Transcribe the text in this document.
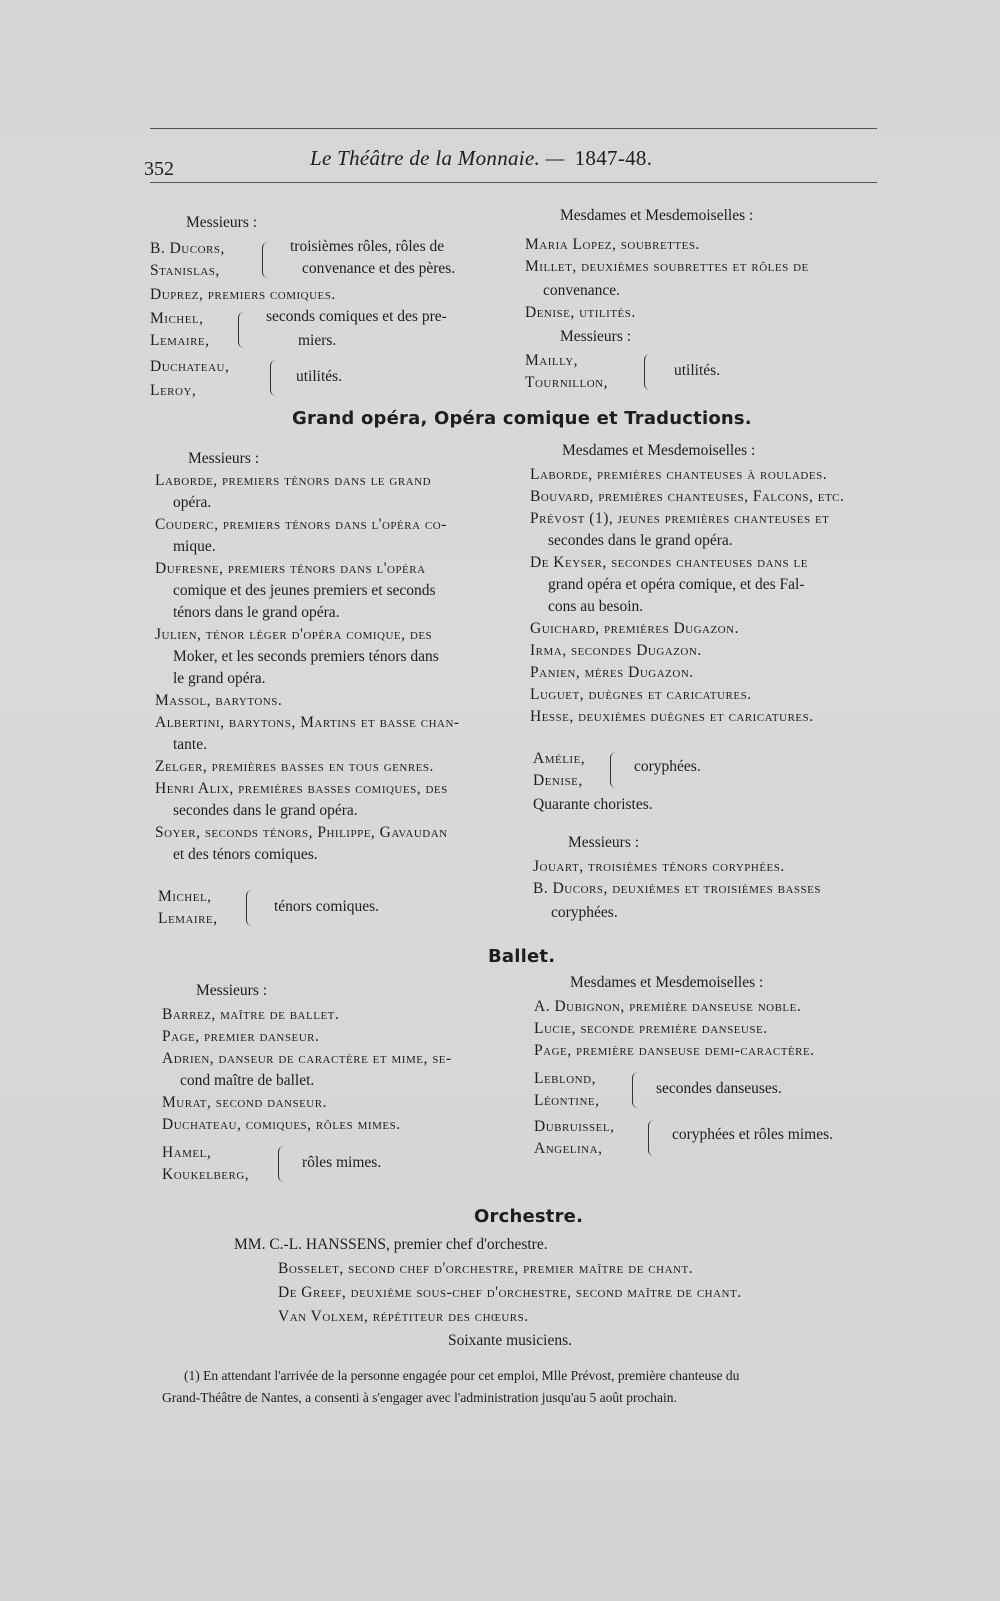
352	Le Théâtre de la Monnaie. — 1847-48.
Messieurs :	Mesdames et Mesdemoiselles :
B. Ducors,
Stanislas,
troisièmes rôles, rôles de
convenance et des pères.
Duprez, premiers comiques.
Michel,
Lemaire,
seconds comiques et des pre-
miers.
Duchateau,
Leroy,
utilités.
Maria Lopez, soubrettes.
Millet, deuxièmes soubrettes et rôles de
convenance.
Denise, utilités.
Messieurs :
Mailly,
Tournillon,
utilités.
Grand opéra, Opéra comique et Traductions.
Messieurs :	Mesdames et Mesdemoiselles :
Laborde, premiers ténors dans le grand
opéra.
Couderc, premiers ténors dans l'opéra co-
mique.
Dufresne, premiers ténors dans l'opéra
comique et des jeunes premiers et seconds
ténors dans le grand opéra.
Julien, ténor léger d'opéra comique, des
Moker, et les seconds premiers ténors dans
le grand opéra.
Massol, barytons.
Albertini, barytons, Martins et basse chan-
tante.
Zelger, premières basses en tous genres.
Henri Alix, premières basses comiques, des
secondes dans le grand opéra.
Soyer, seconds ténors, Philippe, Gavaudan
et des ténors comiques.
Michel,
Lemaire,
ténors comiques.
Laborde, premières chanteuses à roulades.
Bouvard, premières chanteuses, Falcons, etc.
Prévost (1), jeunes premières chanteuses et
secondes dans le grand opéra.
De Keyser, secondes chanteuses dans le
grand opéra et opéra comique, et des Fal-
cons au besoin.
Guichard, premières Dugazon.
Irma, secondes Dugazon.
Panien, mères Dugazon.
Luguet, duègnes et caricatures.
Hesse, deuxièmes duègnes et caricatures.
Amélie,
Denise,
coryphées.
Quarante choristes.
Messieurs :
Jouart, troisièmes ténors coryphées.
B. Ducors, deuxièmes et troisièmes basses
coryphées.
Ballet.
Messieurs :	Mesdames et Mesdemoiselles :
Barrez, maître de ballet.
Page, premier danseur.
Adrien, danseur de caractère et mime, se-
cond maître de ballet.
Murat, second danseur.
Duchateau, comiques, rôles mimes.
Hamel,
Koukelberg,
rôles mimes.
A. Dubignon, première danseuse noble.
Lucie, seconde première danseuse.
Page, première danseuse demi-caractère.
Leblond,
Léontine,
secondes danseuses.
Dubruissel,
Angelina,
coryphées et rôles mimes.
Orchestre.
MM. C.-L. HANSSENS, premier chef d'orchestre.
Bosselet, second chef d'orchestre, premier maître de chant.
De Greef, deuxième sous-chef d'orchestre, second maître de chant.
Van Volxem, répétiteur des chœurs.
Soixante musiciens.
(1) En attendant l'arrivée de la personne engagée pour cet emploi, Mlle Prévost, première chanteuse du
Grand-Théâtre de Nantes, a consenti à s'engager avec l'administration jusqu'au 5 août prochain.
